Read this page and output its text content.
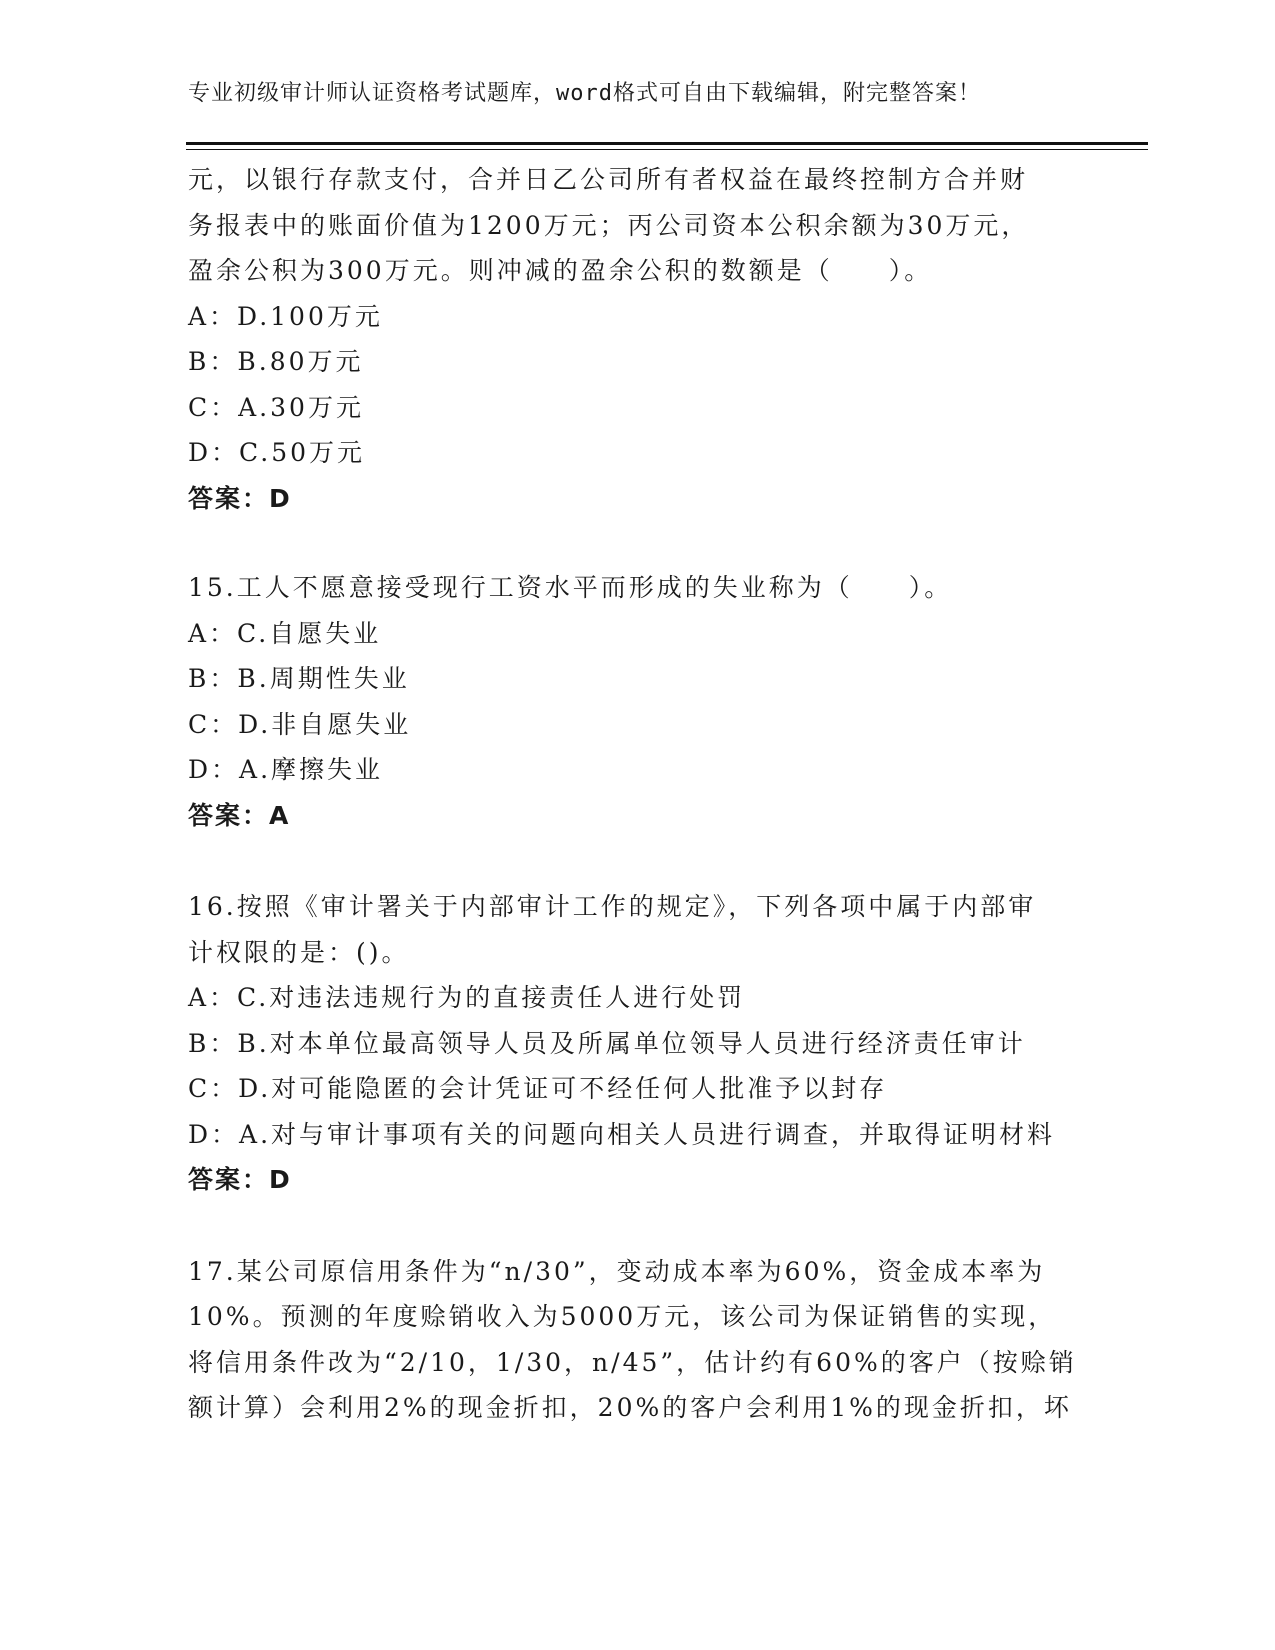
专业初级审计师认证资格考试题库，word格式可自由下载编辑，附完整答案！
元，以银行存款支付，合并日乙公司所有者权益在最终控制方合并财
务报表中的账面价值为1200万元；丙公司资本公积余额为30万元，
盈余公积为300万元。则冲减的盈余公积的数额是（　　）。
A：D.100万元
B：B.80万元
C：A.30万元
D：C.50万元
答案：D
15.工人不愿意接受现行工资水平而形成的失业称为（　　）。
A：C.自愿失业
B：B.周期性失业
C：D.非自愿失业
D：A.摩擦失业
答案：A
16.按照《审计署关于内部审计工作的规定》，下列各项中属于内部审
计权限的是：()。
A：C.对违法违规行为的直接责任人进行处罚
B：B.对本单位最高领导人员及所属单位领导人员进行经济责任审计
C：D.对可能隐匿的会计凭证可不经任何人批准予以封存
D：A.对与审计事项有关的问题向相关人员进行调查，并取得证明材料
答案：D
17.某公司原信用条件为“n/30”，变动成本率为60%，资金成本率为
10%。预测的年度赊销收入为5000万元，该公司为保证销售的实现，
将信用条件改为“2/10，1/30，n/45”，估计约有60%的客户（按赊销
额计算）会利用2%的现金折扣，20%的客户会利用1%的现金折扣，坏
